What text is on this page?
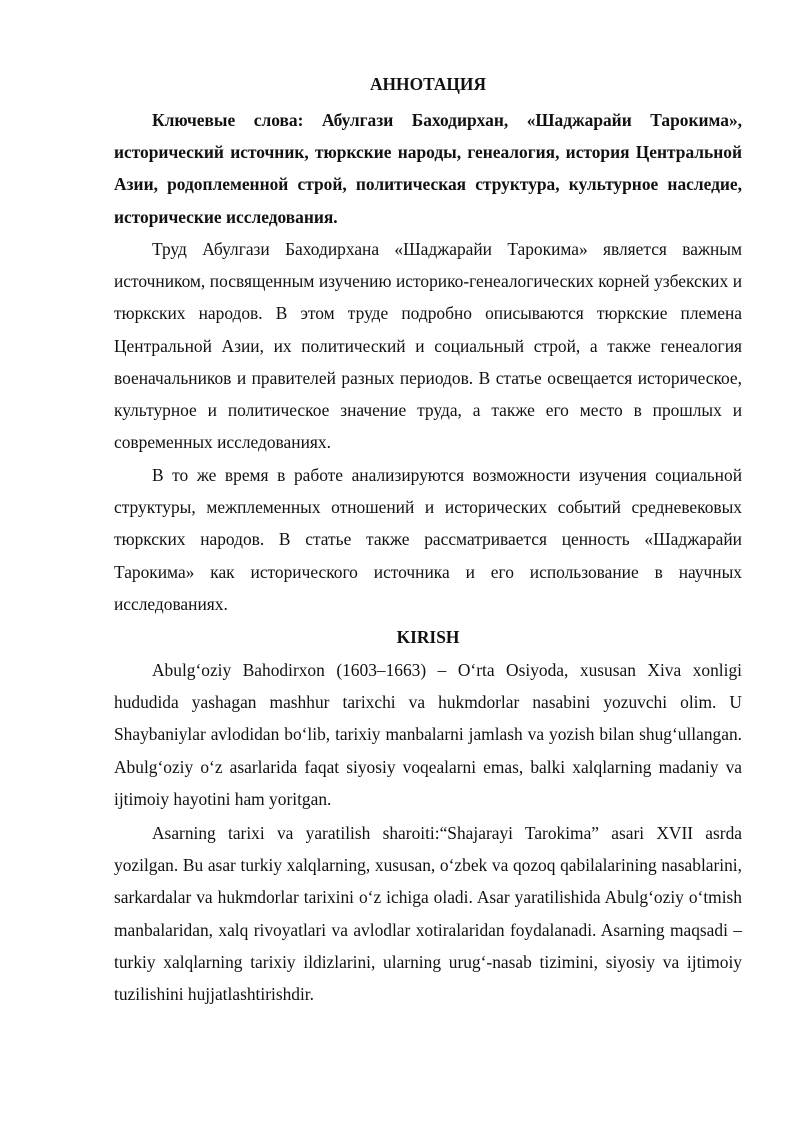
АННОТАЦИЯ

Ключевые слова: Абулгази Баходирхан, «Шаджарайи Тарокима», исторический источник, тюркские народы, генеалогия, история Центральной Азии, родоплеменной строй, политическая структура, культурное наследие, исторические исследования.

Труд Абулгази Баходирхана «Шаджарайи Тарокима» является важным источником, посвященным изучению историко-генеалогических корней узбекских и тюркских народов. В этом труде подробно описываются тюркские племена Центральной Азии, их политический и социальный строй, а также генеалогия военачальников и правителей разных периодов. В статье освещается историческое, культурное и политическое значение труда, а также его место в прошлых и современных исследованиях.

В то же время в работе анализируются возможности изучения социальной структуры, межплеменных отношений и исторических событий средневековых тюркских народов. В статье также рассматривается ценность «Шаджарайи Тарокима» как исторического источника и его использование в научных исследованиях.

KIRISH

Abulg‘oziy Bahodirxon (1603–1663) – O‘rta Osiyoda, xususan Xiva xonligi hududida yashagan mashhur tarixchi va hukmdorlar nasabini yozuvchi olim. U Shaybaniylar avlodidan bo‘lib, tarixiy manbalarni jamlash va yozish bilan shug‘ullangan. Abulg‘oziy o‘z asarlarida faqat siyosiy voqealarni emas, balki xalqlarning madaniy va ijtimoiy hayotini ham yoritgan.

Asarning tarixi va yaratilish sharoiti:“Shajarayi Tarokima” asari XVII asrda yozilgan. Bu asar turkiy xalqlarning, xususan, o‘zbek va qozoq qabilalarining nasablarini, sarkardalar va hukmdorlar tarixini o‘z ichiga oladi. Asar yaratilishida Abulg‘oziy o‘tmish manbalaridan, xalq rivoyatlari va avlodlar xotiralaridan foydalanadi. Asarning maqsadi – turkiy xalqlarning tarixiy ildizlarini, ularning urug‘-nasab tizimini, siyosiy va ijtimoiy tuzilishini hujjatlashtirishdir.
